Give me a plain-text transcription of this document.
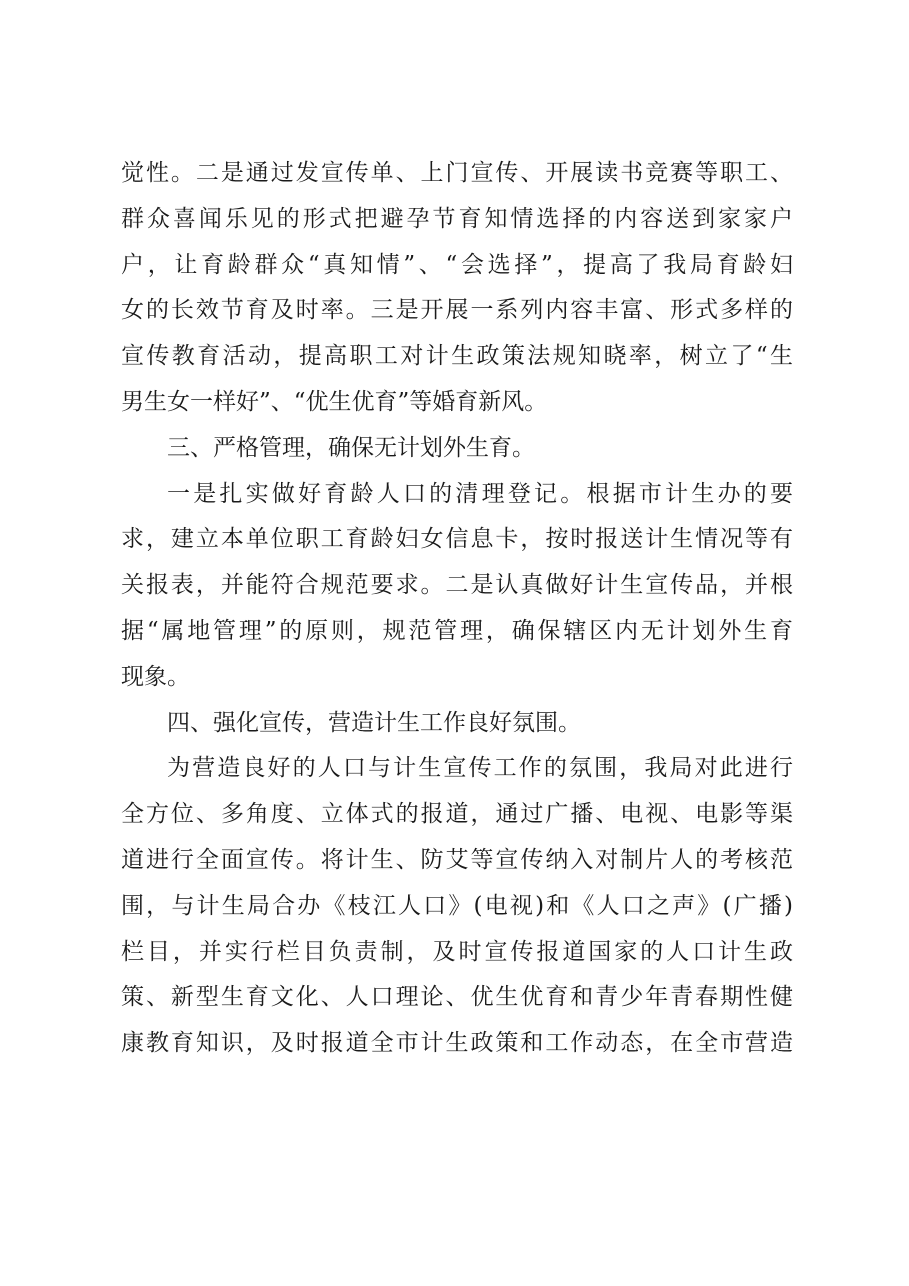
觉性。二是通过发宣传单、上门宣传、开展读书竞赛等职工、
群众喜闻乐见的形式把避孕节育知情选择的内容送到家家户
户，让育龄群众“真知情”、“会选择”，提高了我局育龄妇
女的长效节育及时率。三是开展一系列内容丰富、形式多样的
宣传教育活动，提高职工对计生政策法规知晓率，树立了“生
男生女一样好”、“优生优育”等婚育新风。
三、严格管理，确保无计划外生育。
一是扎实做好育龄人口的清理登记。根据市计生办的要
求，建立本单位职工育龄妇女信息卡，按时报送计生情况等有
关报表，并能符合规范要求。二是认真做好计生宣传品，并根
据“属地管理”的原则，规范管理，确保辖区内无计划外生育
现象。
四、强化宣传，营造计生工作良好氛围。
为营造良好的人口与计生宣传工作的氛围，我局对此进行
全方位、多角度、立体式的报道，通过广播、电视、电影等渠
道进行全面宣传。将计生、防艾等宣传纳入对制片人的考核范
围，与计生局合办《枝江人口》(电视)和《人口之声》(广播)
栏目，并实行栏目负责制，及时宣传报道国家的人口计生政
策、新型生育文化、人口理论、优生优育和青少年青春期性健
康教育知识，及时报道全市计生政策和工作动态，在全市营造
